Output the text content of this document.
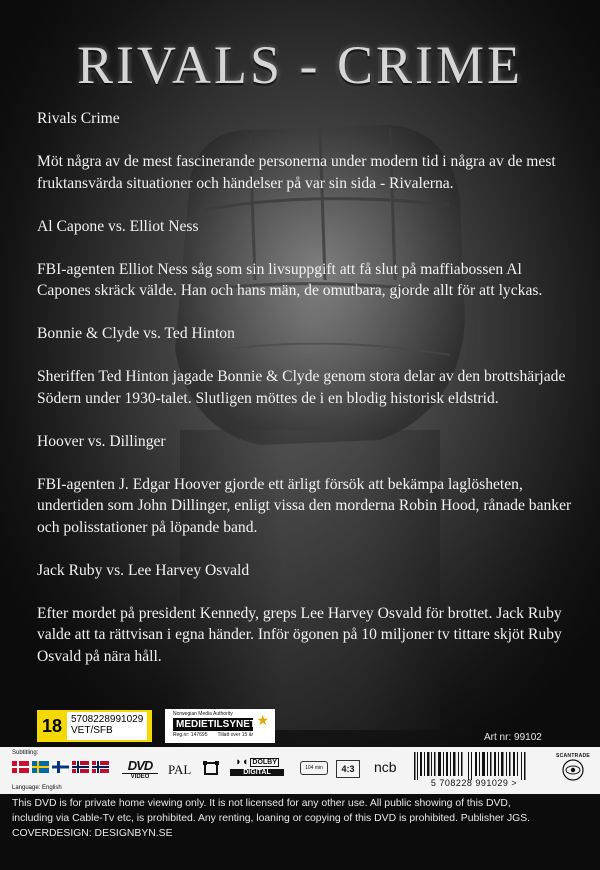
RIVALS - CRIME

Rivals Crime

Möt några av de mest fascinerande personerna under modern tid i några av de mest fruktansvärda situationer och händelser på var sin sida - Rivalerna.

Al Capone vs. Elliot Ness

FBI-agenten Elliot Ness såg som sin livsuppgift att få slut på maffiabossen Al Capones skräck välde. Han och hans män, de omutbara, gjorde allt för att lyckas.

Bonnie & Clyde vs. Ted Hinton

Sheriffen Ted Hinton jagade Bonnie & Clyde genom stora delar av den brottshärjade Södern under 1930-talet. Slutligen möttes de i en blodig historisk eldstrid.

Hoover vs. Dillinger

FBI-agenten J. Edgar Hoover gjorde ett ärligt försök att bekämpa laglösheten, undertiden som John Dillinger, enligt vissa den morderna Robin Hood, rånade banker och polisstationer på löpande band.

Jack Ruby vs. Lee Harvey Osvald

Efter mordet på president Kennedy, greps Lee Harvey Osvald för brottet. Jack Ruby valde att ta rättvisan i egna händer. Inför ögonen på 10 miljoner tv tittare skjöt Ruby Osvald på nära håll.

18 5708228991029
VET/SFB
Norwegian Media Authority
MEDIETILSYNET
Reg.nr: 147695 Tillatt over 15 år
★
Art nr: 99102
Subtitling:
Language: English
DVD
VIDEO	PAL	◗◖ DOLBY
DIGITAL
104 min	4:3	ncb
5 708228 991029 >
SCANTRADE
This DVD is for private home viewing only. It is not licensed for any other use. All public showing of this DVD,
including via Cable-Tv etc, is prohibited. Any renting, loaning or copying of this DVD is prohibited. Publisher JGS.
COVERDESIGN: DESIGNBYN.SE
